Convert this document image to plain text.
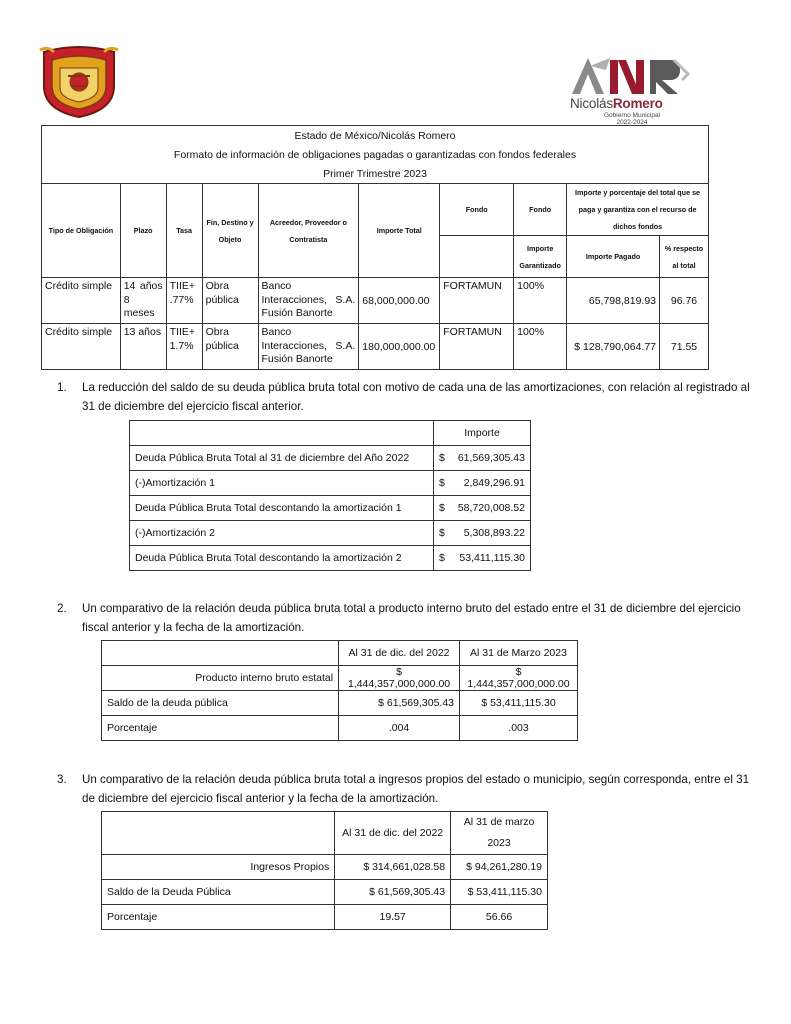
NicolásRomero
Gobierno Municipal
2022-2024
Estado de México/Nicolás Romero									
Formato de información de obligaciones pagadas o garantizadas con fondos federales									
Primer Trimestre 2023									
Tipo de Obligación	Plazo	Tasa	Fin, Destino y Objeto	Acreedor, Proveedor o Contratista	Importe Total	Fondo	Fondo	Importe y porcentaje del total que se paga y garantiza con el recurso de dichos fondos	
							Importe Garantizado	Importe Pagado	% respecto al total
Crédito simple	14 años 8 meses	TIIE+ .77%	Obra pública	Banco Interacciones, S.A. Fusión Banorte	68,000,000.00	FORTAMUN	100%	65,798,819.93	96.76
Crédito simple	13 años	TIIE+ 1.7%	Obra pública	Banco Interacciones, S.A. Fusión Banorte	180,000,000.00	FORTAMUN	100%	$ 128,790,064.77	71.55
1. La reducción del saldo de su deuda pública bruta total con motivo de cada una de las amortizaciones, con relación al registrado al 31 de diciembre del ejercicio fiscal anterior.
	Importe
Deuda Pública Bruta Total al 31 de diciembre del Año 2022	$ 61,569,305.43
(-)Amortización 1	$ 2,849,296.91
Deuda Pública Bruta Total descontando la amortización 1	$ 58,720,008.52
(-)Amortización 2	$ 5,308,893.22
Deuda Pública Bruta Total descontando la amortización 2	$ 53,411,115.30
2. Un comparativo de la relación deuda pública bruta total a producto interno bruto del estado entre el 31 de diciembre del ejercicio fiscal anterior y la fecha de la amortización.
	Al 31 de dic. del 2022	Al 31 de Marzo 2023
Producto interno bruto estatal	$ 1,444,357,000,000.00	$ 1,444,357,000,000.00
Saldo de la deuda pública	$ 61,569,305.43	$ 53,411,115.30
Porcentaje	.004	.003
3. Un comparativo de la relación deuda pública bruta total a ingresos propios del estado o municipio, según corresponda, entre el 31 de diciembre del ejercicio fiscal anterior y la fecha de la amortización.
	Al 31 de dic. del 2022	Al 31 de marzo 2023
Ingresos Propios	$ 314,661,028.58	$ 94,261,280.19
Saldo de la Deuda Pública	$ 61,569,305.43	$ 53,411,115.30
Porcentaje	19.57	56.66
